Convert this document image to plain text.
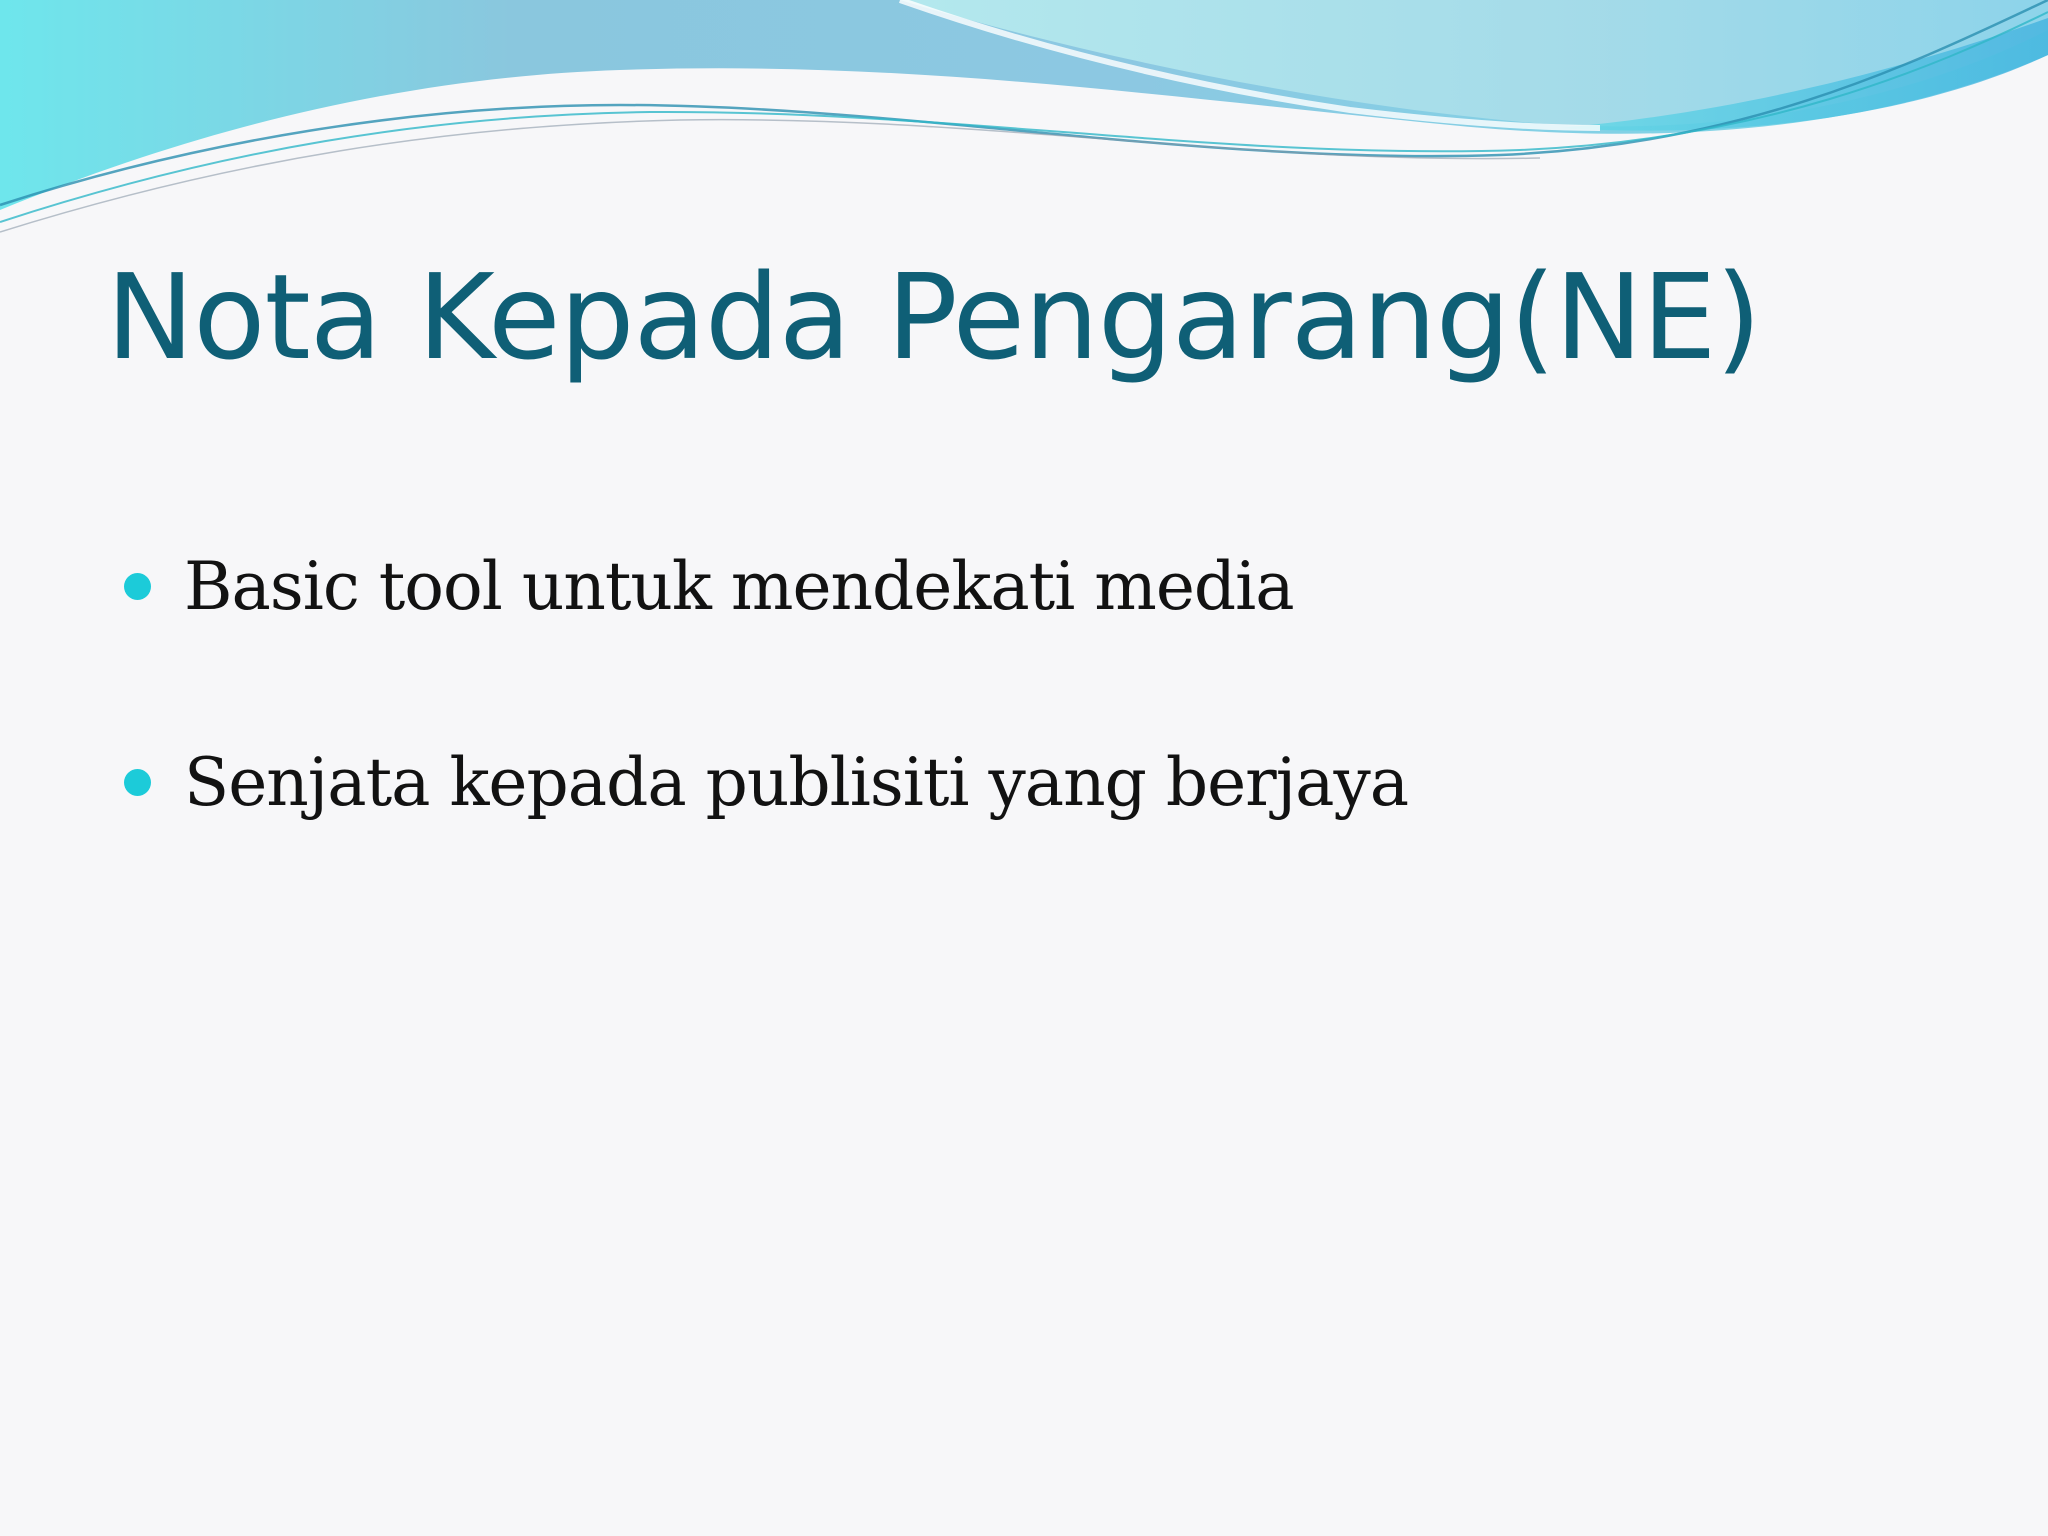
Nota Kepada Pengarang(NE)
Basic tool untuk mendekati media
Senjata kepada publisiti yang berjaya
